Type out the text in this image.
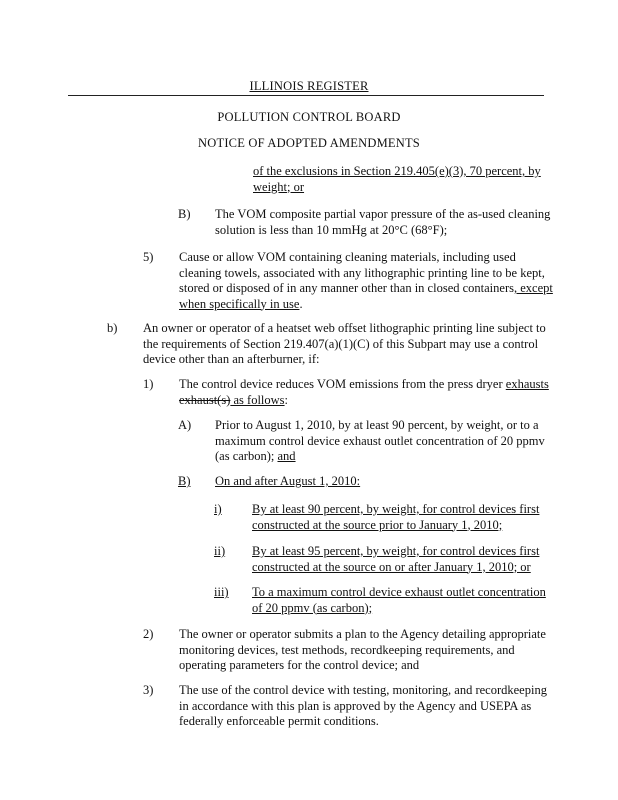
ILLINOIS REGISTER
POLLUTION CONTROL BOARD
NOTICE OF ADOPTED AMENDMENTS
of the exclusions in Section 219.405(e)(3), 70 percent, by
weight; or
B) The VOM composite partial vapor pressure of the as-used cleaning
solution is less than 10 mmHg at 20°C (68°F);
5) Cause or allow VOM containing cleaning materials, including used
cleaning towels, associated with any lithographic printing line to be kept,
stored or disposed of in any manner other than in closed containers, except
when specifically in use.
b) An owner or operator of a heatset web offset lithographic printing line subject to
the requirements of Section 219.407(a)(1)(C) of this Subpart may use a control
device other than an afterburner, if:
1) The control device reduces VOM emissions from the press dryer exhausts
exhaust(s) as follows:
A) Prior to August 1, 2010, by at least 90 percent, by weight, or to a
maximum control device exhaust outlet concentration of 20 ppmv
(as carbon); and
B) On and after August 1, 2010:
i) By at least 90 percent, by weight, for control devices first
constructed at the source prior to January 1, 2010;
ii) By at least 95 percent, by weight, for control devices first
constructed at the source on or after January 1, 2010; or
iii) To a maximum control device exhaust outlet concentration
of 20 ppmv (as carbon);
2) The owner or operator submits a plan to the Agency detailing appropriate
monitoring devices, test methods, recordkeeping requirements, and
operating parameters for the control device; and
3) The use of the control device with testing, monitoring, and recordkeeping
in accordance with this plan is approved by the Agency and USEPA as
federally enforceable permit conditions.
